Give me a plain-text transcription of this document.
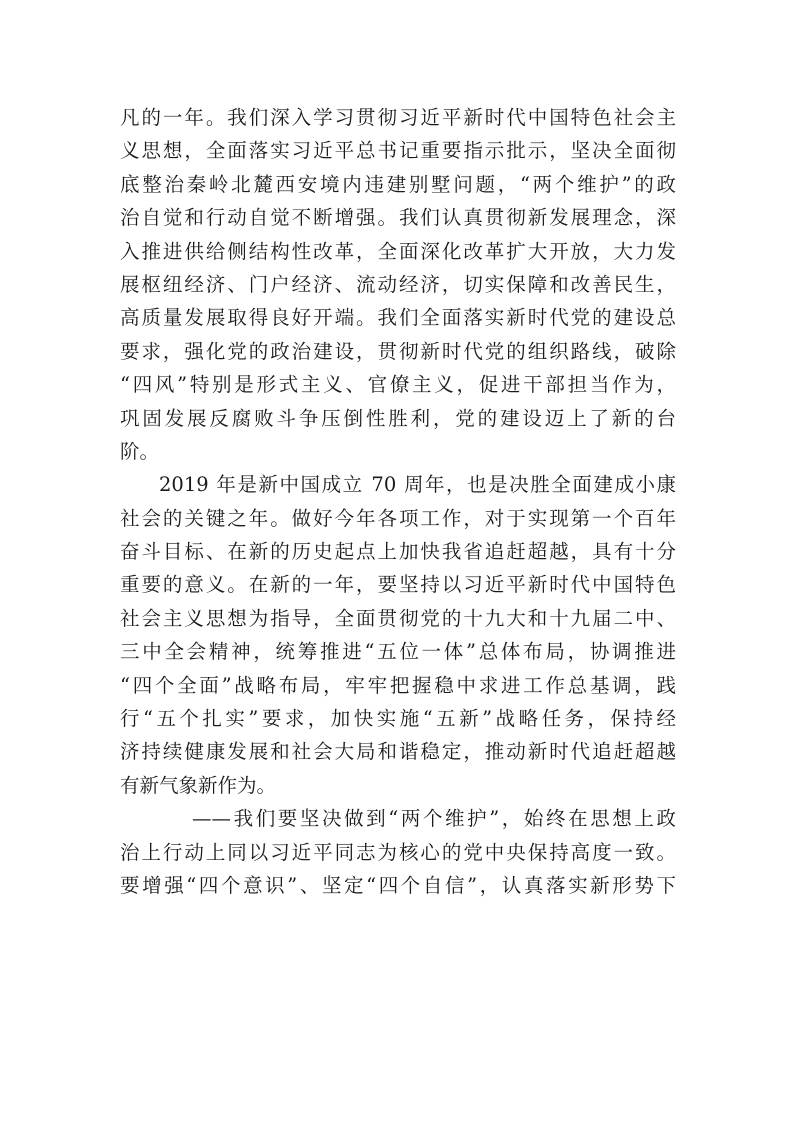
凡的一年。我们深入学习贯彻习近平新时代中国特色社会主
义思想，全面落实习近平总书记重要指示批示，坚决全面彻
底整治秦岭北麓西安境内违建别墅问题，“两个维护”的政
治自觉和行动自觉不断增强。我们认真贯彻新发展理念，深
入推进供给侧结构性改革，全面深化改革扩大开放，大力发
展枢纽经济、门户经济、流动经济，切实保障和改善民生，
高质量发展取得良好开端。我们全面落实新时代党的建设总
要求，强化党的政治建设，贯彻新时代党的组织路线，破除
“四风”特别是形式主义、官僚主义，促进干部担当作为，
巩固发展反腐败斗争压倒性胜利，党的建设迈上了新的台
阶。
2019 年是新中国成立 70 周年，也是决胜全面建成小康
社会的关键之年。做好今年各项工作，对于实现第一个百年
奋斗目标、在新的历史起点上加快我省追赶超越，具有十分
重要的意义。在新的一年，要坚持以习近平新时代中国特色
社会主义思想为指导，全面贯彻党的十九大和十九届二中、
三中全会精神，统筹推进“五位一体”总体布局，协调推进
“四个全面”战略布局，牢牢把握稳中求进工作总基调，践
行“五个扎实”要求，加快实施“五新”战略任务，保持经
济持续健康发展和社会大局和谐稳定，推动新时代追赶超越
有新气象新作为。
——我们要坚决做到“两个维护”，始终在思想上政
治上行动上同以习近平同志为核心的党中央保持高度一致。
要增强“四个意识”、坚定“四个自信”，认真落实新形势下
